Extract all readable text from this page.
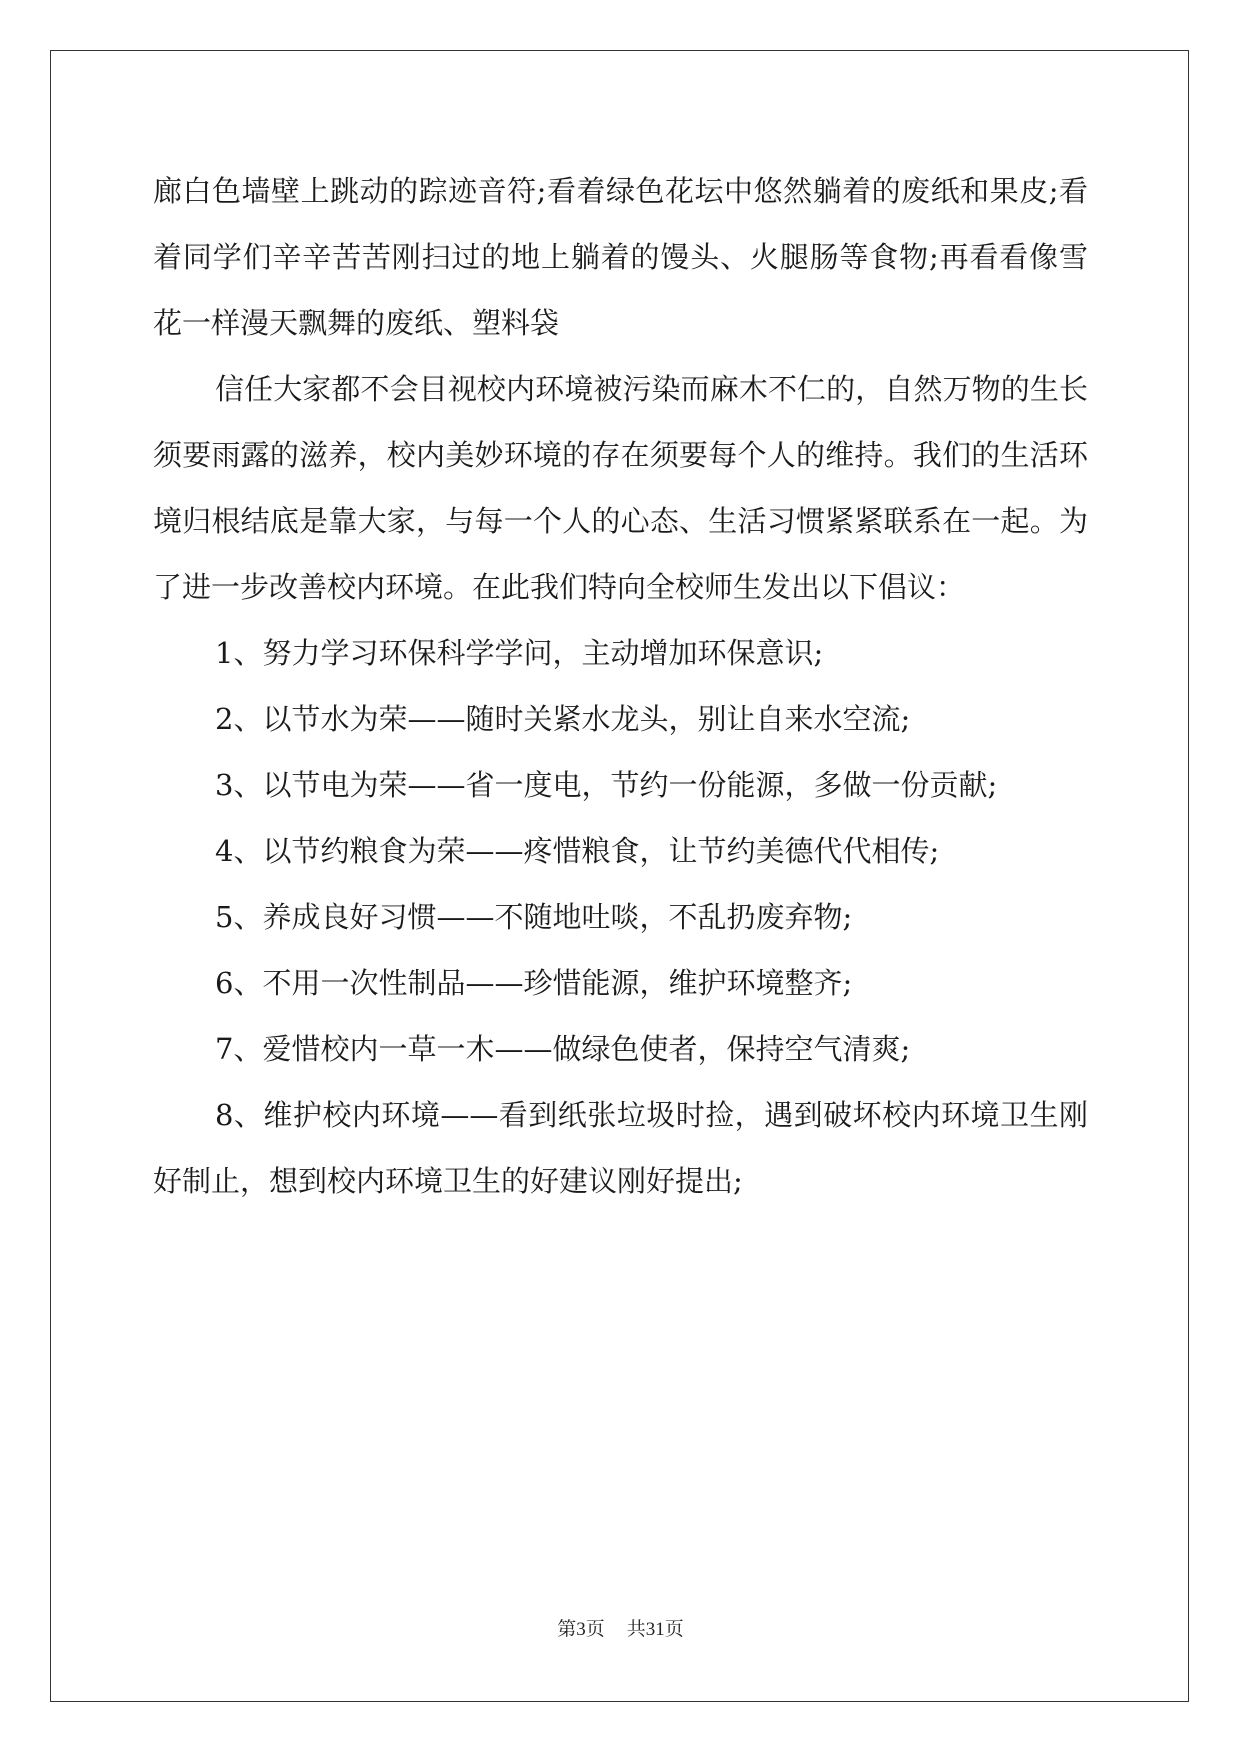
廊白色墙壁上跳动的踪迹音符;看着绿色花坛中悠然躺着的废纸和果皮;看着同学们辛辛苦苦刚扫过的地上躺着的馒头、火腿肠等食物;再看看像雪花一样漫天飘舞的废纸、塑料袋

信任大家都不会目视校内环境被污染而麻木不仁的，自然万物的生长须要雨露的滋养，校内美妙环境的存在须要每个人的维持。我们的生活环境归根结底是靠大家，与每一个人的心态、生活习惯紧紧联系在一起。为了进一步改善校内环境。在此我们特向全校师生发出以下倡议：

1、努力学习环保科学学问，主动增加环保意识;

2、以节水为荣——随时关紧水龙头，别让自来水空流;

3、以节电为荣——省一度电，节约一份能源，多做一份贡献;

4、以节约粮食为荣——疼惜粮食，让节约美德代代相传;

5、养成良好习惯——不随地吐啖，不乱扔废弃物;

6、不用一次性制品——珍惜能源，维护环境整齐;

7、爱惜校内一草一木——做绿色使者，保持空气清爽;

8、维护校内环境——看到纸张垃圾时捡，遇到破坏校内环境卫生刚好制止，想到校内环境卫生的好建议刚好提出;

第3页 共31页
